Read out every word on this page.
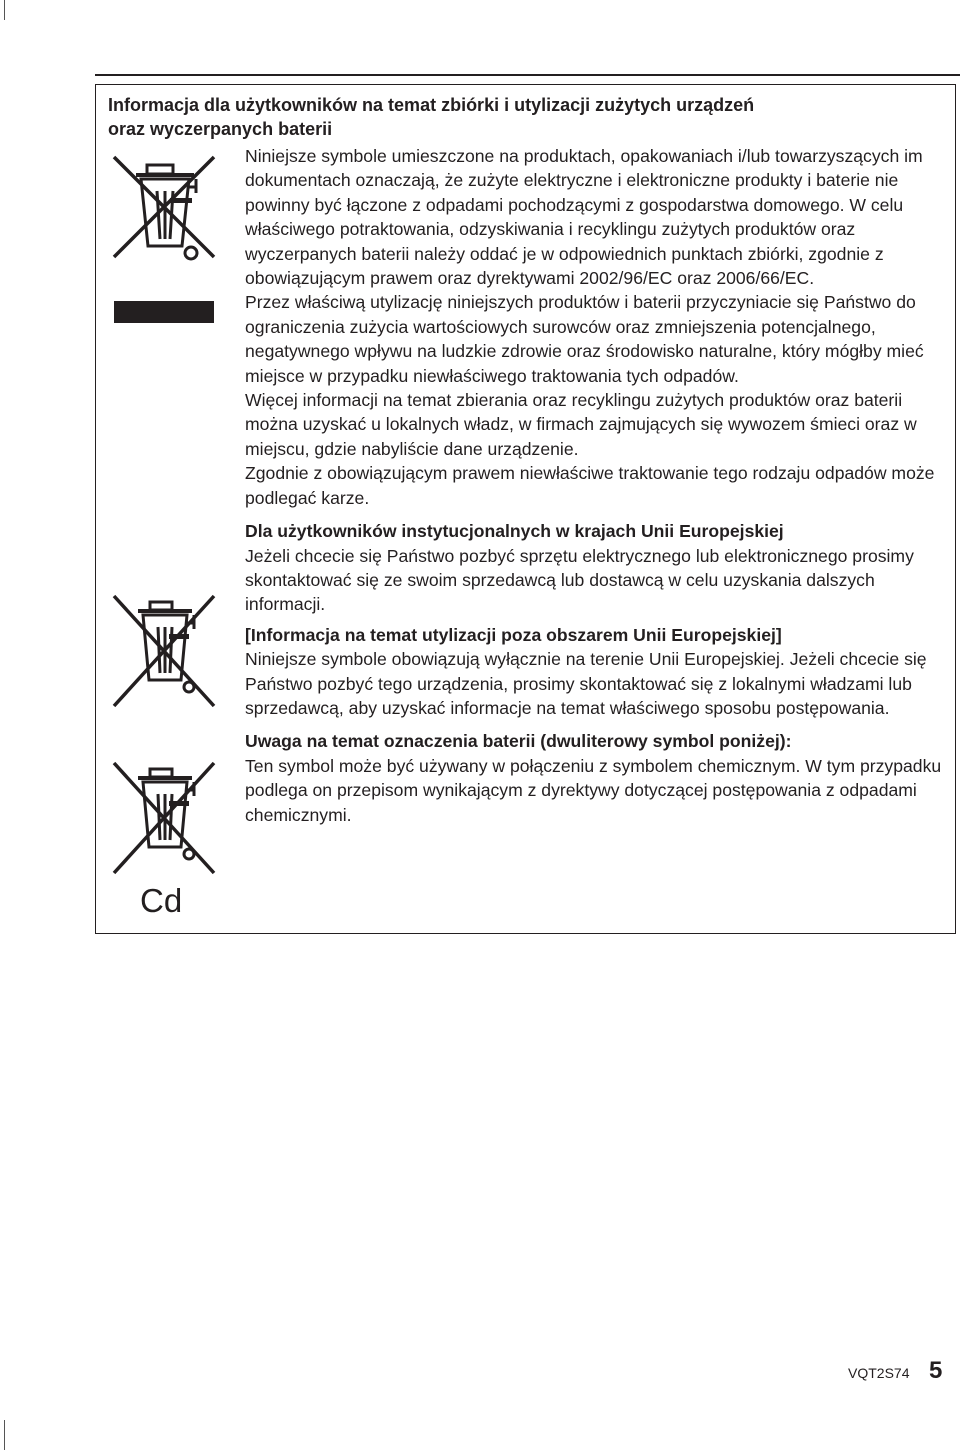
Informacja dla użytkowników na temat zbiórki i utylizacji zużytych urządzeń
oraz wyczerpanych baterii
Cd

Niniejsze symbole umieszczone na produktach, opakowaniach i/lub towarzyszących im dokumentach oznaczają, że zużyte elektryczne i elektroniczne produkty i baterie nie powinny być łączone z odpadami pochodzącymi z gospodarstwa domowego. W celu właściwego potraktowania, odzyskiwania i recyklingu zużytych produktów oraz wyczerpanych baterii należy oddać je w odpowiednich punktach zbiórki, zgodnie z obowiązującym prawem oraz dyrektywami 2002/96/EC oraz 2006/66/EC.

Przez właściwą utylizację niniejszych produktów i baterii przyczyniacie się Państwo do ograniczenia zużycia wartościowych surowców oraz zmniejszenia potencjalnego, negatywnego wpływu na ludzkie zdrowie oraz środowisko naturalne, który mógłby mieć miejsce w przypadku niewłaściwego traktowania tych odpadów.

Więcej informacji na temat zbierania oraz recyklingu zużytych produktów oraz baterii można uzyskać u lokalnych władz, w firmach zajmujących się wywozem śmieci oraz w miejscu, gdzie nabyliście dane urządzenie.

Zgodnie z obowiązującym prawem niewłaściwe traktowanie tego rodzaju odpadów może podlegać karze.

Dla użytkowników instytucjonalnych w krajach Unii Europejskiej

Jeżeli chcecie się Państwo pozbyć sprzętu elektrycznego lub elektronicznego prosimy skontaktować się ze swoim sprzedawcą lub dostawcą w celu uzyskania dalszych informacji.

[Informacja na temat utylizacji poza obszarem Unii Europejskiej]

Niniejsze symbole obowiązują wyłącznie na terenie Unii Europejskiej. Jeżeli chcecie się Państwo pozbyć tego urządzenia, prosimy skontaktować się z lokalnymi władzami lub sprzedawcą, aby uzyskać informacje na temat właściwego sposobu postępowania.

Uwaga na temat oznaczenia baterii (dwuliterowy symbol poniżej):

Ten symbol może być używany w połączeniu z symbolem chemicznym. W tym przypadku podlega on przepisom wynikającym z dyrektywy dotyczącej postępowania z odpadami chemicznymi.

VQT2S74 5
